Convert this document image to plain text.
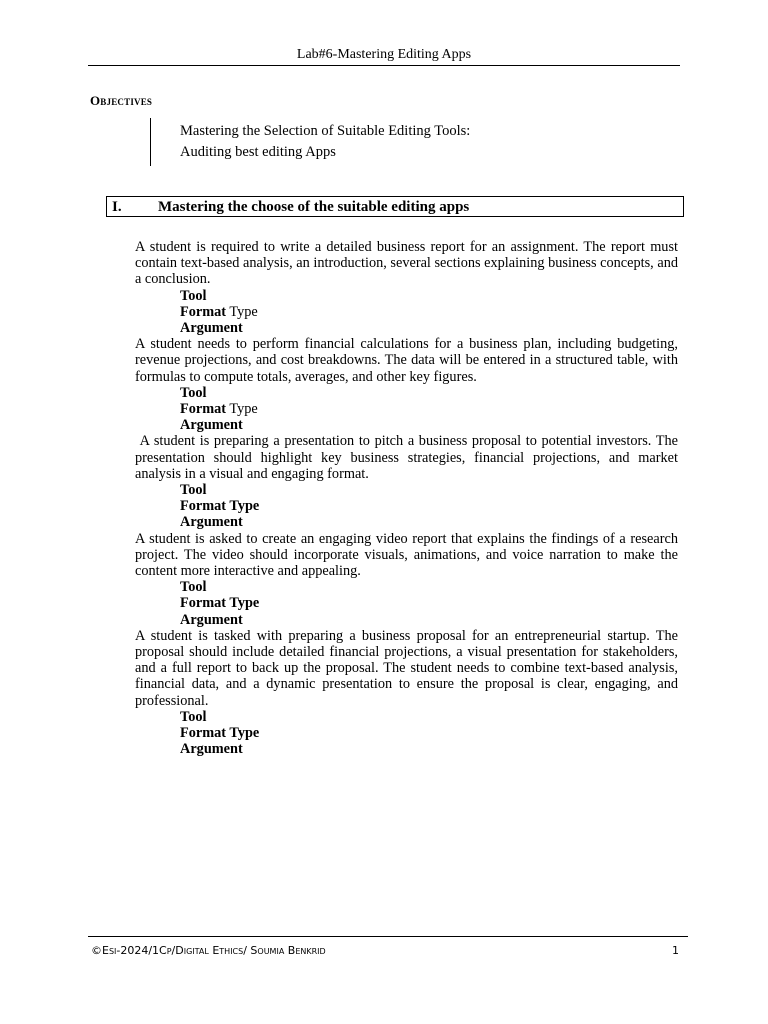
Lab#6-Mastering Editing Apps
Objectives
Mastering the Selection of Suitable Editing Tools:
Auditing best editing Apps
I. Mastering the choose of the suitable editing apps

A student is required to write a detailed business report for an assignment. The report must contain text-based analysis, an introduction, several sections explaining business concepts, and a conclusion.

Tool

Format Type

Argument

A student needs to perform financial calculations for a business plan, including budgeting, revenue projections, and cost breakdowns. The data will be entered in a structured table, with formulas to compute totals, averages, and other key figures.

Tool

Format Type

Argument

A student is preparing a presentation to pitch a business proposal to potential investors. The presentation should highlight key business strategies, financial projections, and market analysis in a visual and engaging format.

Tool

Format Type

Argument

A student is asked to create an engaging video report that explains the findings of a research project. The video should incorporate visuals, animations, and voice narration to make the content more interactive and appealing.

Tool

Format Type

Argument

A student is tasked with preparing a business proposal for an entrepreneurial startup. The proposal should include detailed financial projections, a visual presentation for stakeholders, and a full report to back up the proposal. The student needs to combine text-based analysis, financial data, and a dynamic presentation to ensure the proposal is clear, engaging, and professional.

Tool

Format Type

Argument

©Esi-2024/1Cp/Digital Ethics/ Soumia Benkrid	1
